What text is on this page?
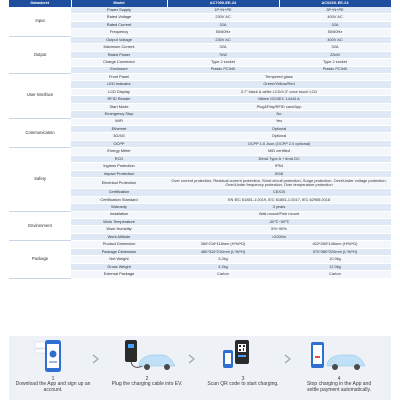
Datasheet	Model	AC7000-EE-24	AC022K-EE-24
Input	Power Supply	1P+N+PE	3P+N+PE
	Rated Voltage	230V AC	400V AC
	Rated Current	32A	32A
	Frequency	50/60Hz	50/60Hz
Output	Output Voltage	230V AC	400V AC
	Maximum Current	32A	32A
	Rated Power	7kW	22kW
	Charge Connector	Type 2 socket	Type 2 socket
	Enclosure	Plastic PC940	Plastic PC940
User Interface	Front Panel	Tempered glass	
	LED Indicator	Green/Yellow/Red	
	LCD Display	3.7" black & white LCD/4.3" color touch LCD	
	RFID Reader	Mifare ISO/IEC 14443 A	
	Start Mode	Plug&Play/RFID card/App	
	Emergency Stop	No	
Communication	WiFi	Yes	
	Ethernet	Optional	
	3G/4G	Optional	
	OCPP	OCPP 1.6 Json (OCPP 2.0 optional)	
Safety	Energy Meter	MID certified	
	RCD	30mA Type A + 6mA DC	
	Ingress Protection	IP54	
	Impact Protection	IK08	
	Electrical Protection	Over current protection, Residual current protection, Short circuit protection, Surge protection, Over/Under voltage protection, Over/Under frequency protection, Over temperature protection	
	Certification	CE/CB	
	Certification Standard	EN IEC 61851-1:2019, IEC 61851-1:2017, IEC 62955:2018	
	Warranty	3 years	
Environment	Installation	Wall-mount/Pole mount	
	Work Temperature	-30℃~50℃	
	Work Humidity	5%~95%	
	Work Altitude	<2000m	
Package	Product Dimension	360*216*118mm (H*W*D)	402*280*148mm (H*W*D)
	Package Dimension	480*310*210mm (L*W*H)	570*380*220mm (L*W*H)
	Net Weight	3.2kg	10.0kg
	Gross Weight	4.2kg	12.0kg
	External Package	Carton	Carton
1
Download the App and sign up an account.
2
Plug the charging cable into EV.
3
Scan QR code to start charging.
4
Stop charging in the App and settle payment automatically.
